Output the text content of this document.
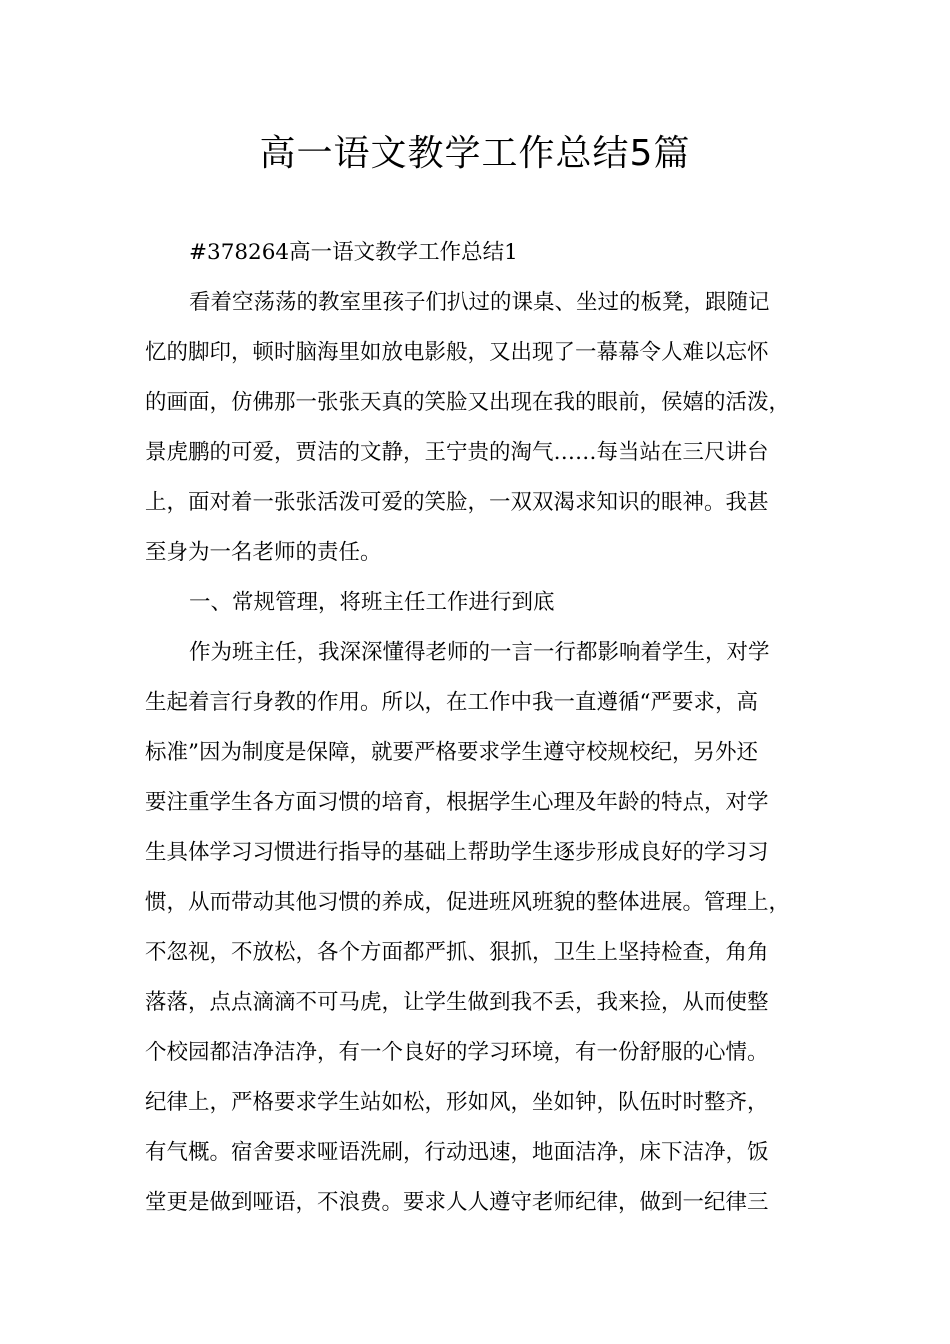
高一语文教学工作总结5篇
#378264高一语文教学工作总结1
看着空荡荡的教室里孩子们扒过的课桌、坐过的板凳，跟随记
忆的脚印，顿时脑海里如放电影般，又出现了一幕幕令人难以忘怀
的画面，仿佛那一张张天真的笑脸又出现在我的眼前，侯嬉的活泼，
景虎鹏的可爱，贾洁的文静，王宁贵的淘气……每当站在三尺讲台
上，面对着一张张活泼可爱的笑脸，一双双渴求知识的眼神。我甚
至身为一名老师的责任。
一、常规管理，将班主任工作进行到底
作为班主任，我深深懂得老师的一言一行都影响着学生，对学
生起着言行身教的作用。所以，在工作中我一直遵循“严要求，高
标准”因为制度是保障，就要严格要求学生遵守校规校纪，另外还
要注重学生各方面习惯的培育，根据学生心理及年龄的特点，对学
生具体学习习惯进行指导的基础上帮助学生逐步形成良好的学习习
惯，从而带动其他习惯的养成，促进班风班貌的整体进展。管理上，
不忽视，不放松，各个方面都严抓、狠抓，卫生上坚持检查，角角
落落，点点滴滴不可马虎，让学生做到我不丢，我来捡，从而使整
个校园都洁净洁净，有一个良好的学习环境，有一份舒服的心情。
纪律上，严格要求学生站如松，形如风，坐如钟，队伍时时整齐，
有气概。宿舍要求哑语洗刷，行动迅速，地面洁净，床下洁净，饭
堂更是做到哑语，不浪费。要求人人遵守老师纪律，做到一纪律三
